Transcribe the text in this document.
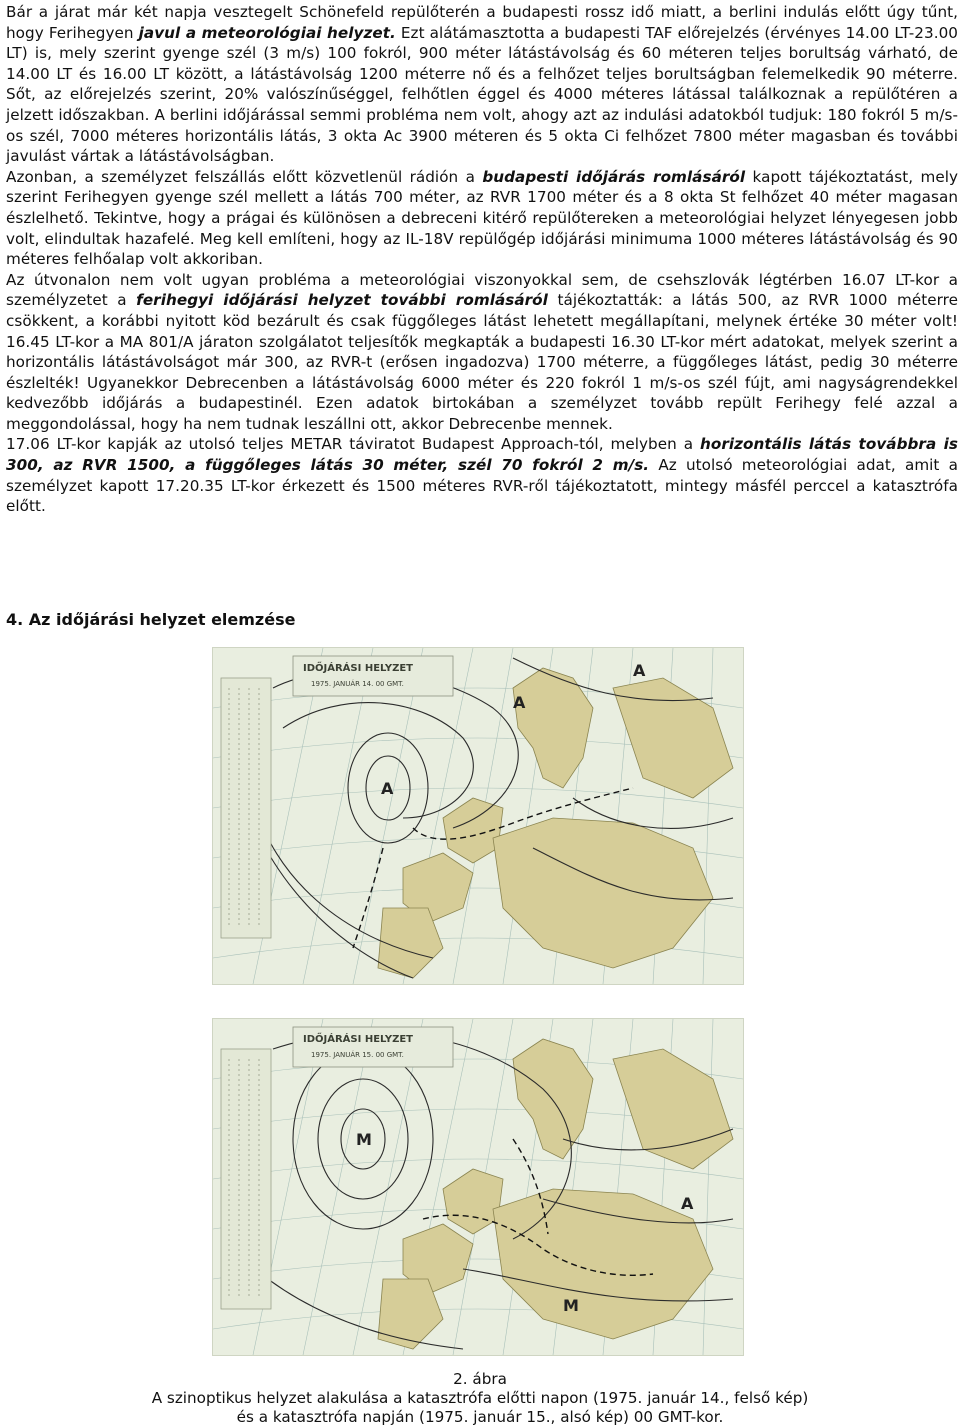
Bár a járat már két napja vesztegelt Schönefeld repülőterén a budapesti rossz idő miatt, a berlini indulás előtt úgy tűnt, hogy Ferihegyen javul a meteorológiai helyzet. Ezt alátámasztotta a budapesti TAF előrejelzés (érvényes 14.00 LT-23.00 LT) is, mely szerint gyenge szél (3 m/s) 100 fokról, 900 méter látástávolság és 60 méteren teljes borultság várható, de 14.00 LT és 16.00 LT között, a látástávolság 1200 méterre nő és a felhőzet teljes borultságban felemelkedik 90 méterre. Sőt, az előrejelzés szerint, 20% valószínűséggel, felhőtlen éggel és 4000 méteres látással találkoznak a repülőtéren a jelzett időszakban. A berlini időjárással semmi probléma nem volt, ahogy azt az indulási adatokból tudjuk: 180 fokról 5 m/s-os szél, 7000 méteres horizontális látás, 3 okta Ac 3900 méteren és 5 okta Ci felhőzet 7800 méter magasban és további javulást vártak a látástávolságban.

Azonban, a személyzet felszállás előtt közvetlenül rádión a budapesti időjárás romlásáról kapott tájékoztatást, mely szerint Ferihegyen gyenge szél mellett a látás 700 méter, az RVR 1700 méter és a 8 okta St felhőzet 40 méter magasan észlelhető. Tekintve, hogy a prágai és különösen a debreceni kitérő repülőtereken a meteorológiai helyzet lényegesen jobb volt, elindultak hazafelé. Meg kell említeni, hogy az IL-18V repülőgép időjárási minimuma 1000 méteres látástávolság és 90 méteres felhőalap volt akkoriban.

Az útvonalon nem volt ugyan probléma a meteorológiai viszonyokkal sem, de csehszlovák légtérben 16.07 LT-kor a személyzetet a ferihegyi időjárási helyzet további romlásáról tájékoztatták: a látás 500, az RVR 1000 méterre csökkent, a korábbi nyitott köd bezárult és csak függőleges látást lehetett megállapítani, melynek értéke 30 méter volt! 16.45 LT-kor a MA 801/A járaton szolgálatot teljesítők megkapták a budapesti 16.30 LT-kor mért adatokat, melyek szerint a horizontális látástávolságot már 300, az RVR-t (erősen ingadozva) 1700 méterre, a függőleges látást, pedig 30 méterre észlelték! Ugyanekkor Debrecenben a látástávolság 6000 méter és 220 fokról 1 m/s-os szél fújt, ami nagyságrendekkel kedvezőbb időjárás a budapestinél. Ezen adatok birtokában a személyzet tovább repült Ferihegy felé azzal a meggondolással, hogy ha nem tudnak leszállni ott, akkor Debrecenbe mennek.

17.06 LT-kor kapják az utolsó teljes METAR táviratot Budapest Approach-tól, melyben a horizontális látás továbbra is 300, az RVR 1500, a függőleges látás 30 méter, szél 70 fokról 2 m/s. Az utolsó meteorológiai adat, amit a személyzet kapott 17.20.35 LT-kor érkezett és 1500 méteres RVR-ről tájékoztatott, mintegy másfél perccel a katasztrófa előtt.

4. Az időjárási helyzet elemzése
IDŐJÁRÁSI HELYZET
1975. JANUÁR 14. 00 GMT.
A
A
A
IDŐJÁRÁSI HELYZET
1975. JANUÁR 15. 00 GMT.
M
M
A
2. ábra
A szinoptikus helyzet alakulása a katasztrófa előtti napon (1975. január 14., felső kép)
és a katasztrófa napján (1975. január 15., alsó kép) 00 GMT-kor.
